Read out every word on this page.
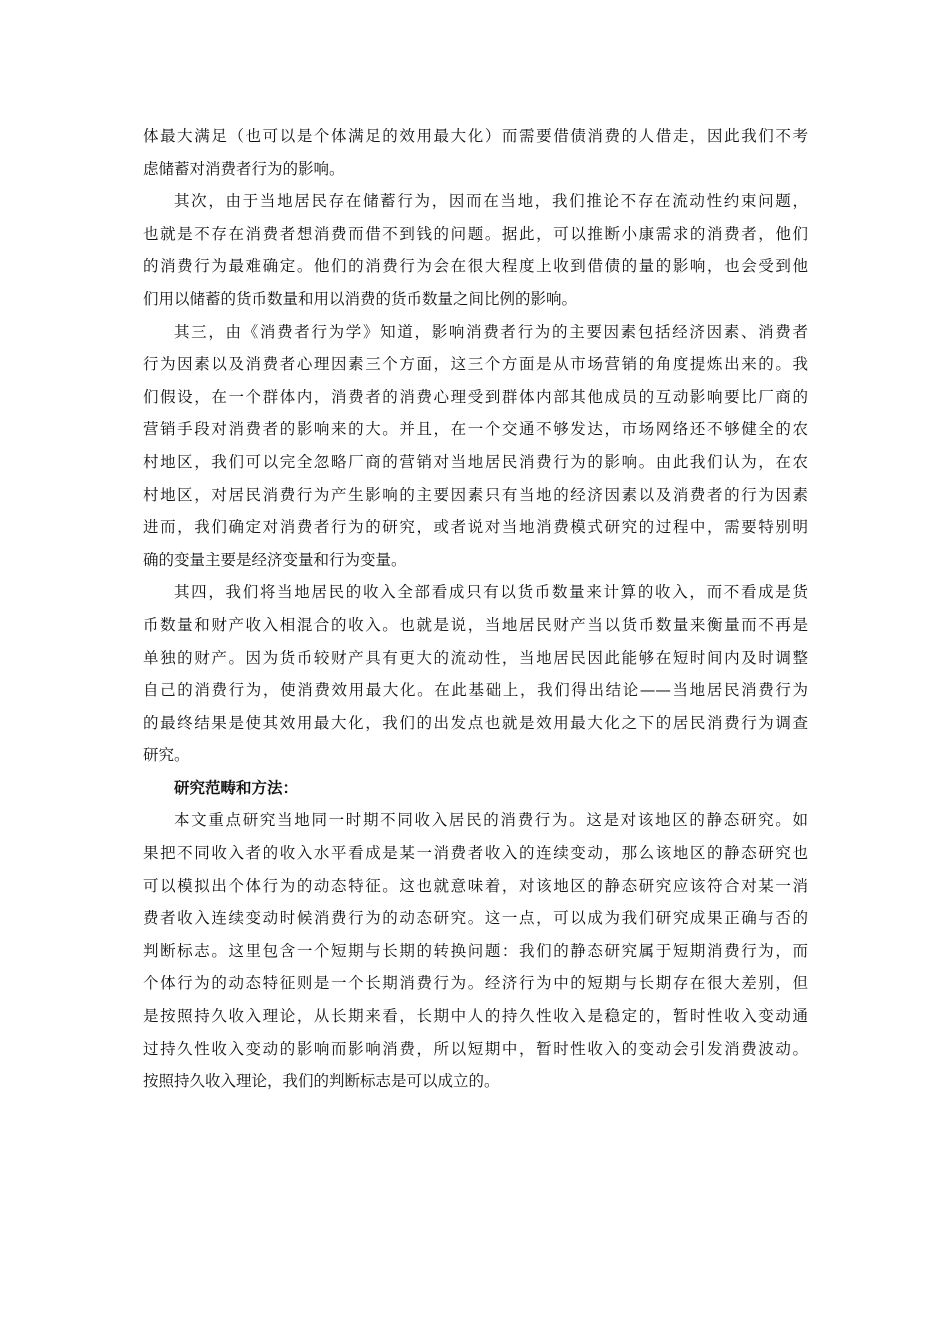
体最大满足（也可以是个体满足的效用最大化）而需要借债消费的人借走，因此我们不考
虑储蓄对消费者行为的影响。
其次，由于当地居民存在储蓄行为，因而在当地，我们推论不存在流动性约束问题，
也就是不存在消费者想消费而借不到钱的问题。据此，可以推断小康需求的消费者，他们
的消费行为最难确定。他们的消费行为会在很大程度上收到借债的量的影响，也会受到他
们用以储蓄的货币数量和用以消费的货币数量之间比例的影响。
其三，由《消费者行为学》知道，影响消费者行为的主要因素包括经济因素、消费者
行为因素以及消费者心理因素三个方面，这三个方面是从市场营销的角度提炼出来的。我
们假设，在一个群体内，消费者的消费心理受到群体内部其他成员的互动影响要比厂商的
营销手段对消费者的影响来的大。并且，在一个交通不够发达，市场网络还不够健全的农
村地区，我们可以完全忽略厂商的营销对当地居民消费行为的影响。由此我们认为，在农
村地区，对居民消费行为产生影响的主要因素只有当地的经济因素以及消费者的行为因素
进而，我们确定对消费者行为的研究，或者说对当地消费模式研究的过程中，需要特别明
确的变量主要是经济变量和行为变量。
其四，我们将当地居民的收入全部看成只有以货币数量来计算的收入，而不看成是货
币数量和财产收入相混合的收入。也就是说，当地居民财产当以货币数量来衡量而不再是
单独的财产。因为货币较财产具有更大的流动性，当地居民因此能够在短时间内及时调整
自己的消费行为，使消费效用最大化。在此基础上，我们得出结论——当地居民消费行为
的最终结果是使其效用最大化，我们的出发点也就是效用最大化之下的居民消费行为调查
研究。
研究范畴和方法：
本文重点研究当地同一时期不同收入居民的消费行为。这是对该地区的静态研究。如
果把不同收入者的收入水平看成是某一消费者收入的连续变动，那么该地区的静态研究也
可以模拟出个体行为的动态特征。这也就意味着，对该地区的静态研究应该符合对某一消
费者收入连续变动时候消费行为的动态研究。这一点，可以成为我们研究成果正确与否的
判断标志。这里包含一个短期与长期的转换问题：我们的静态研究属于短期消费行为，而
个体行为的动态特征则是一个长期消费行为。经济行为中的短期与长期存在很大差别，但
是按照持久收入理论，从长期来看，长期中人的持久性收入是稳定的，暂时性收入变动通
过持久性收入变动的影响而影响消费，所以短期中，暂时性收入的变动会引发消费波动。
按照持久收入理论，我们的判断标志是可以成立的。
